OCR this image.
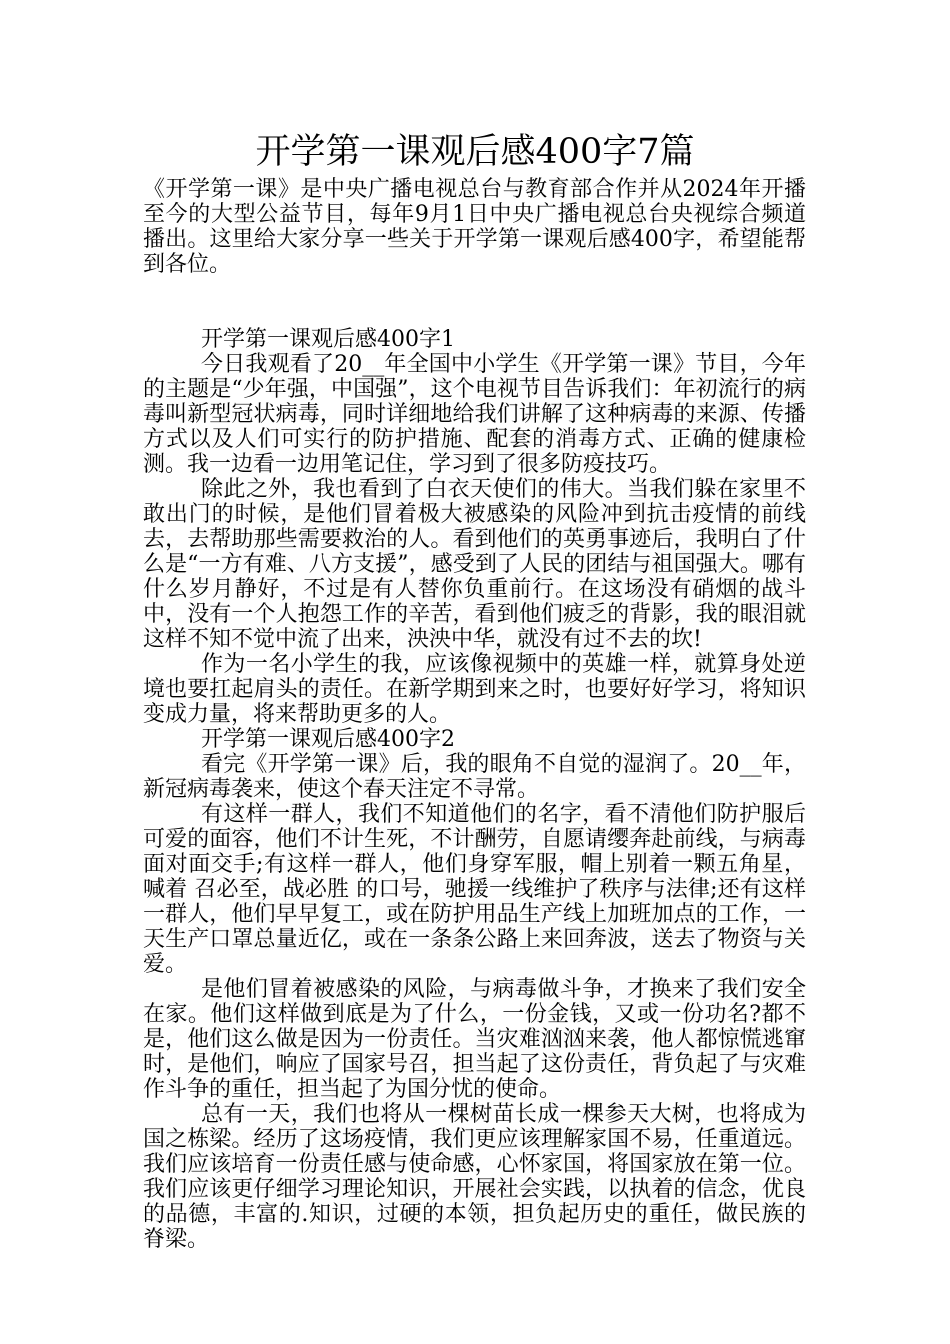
开学第一课观后感400字7篇

《开学第一课》是中央广播电视总台与教育部合作并从2024年开播至今的大型公益节目，每年9月1日中央广播电视总台央视综合频道播出。这里给大家分享一些关于开学第一课观后感400字，希望能帮到各位。

开学第一课观后感400字1

今日我观看了20__年全国中小学生《开学第一课》节目，今年的主题是“少年强，中国强”，这个电视节目告诉我们：年初流行的病毒叫新型冠状病毒，同时详细地给我们讲解了这种病毒的来源、传播方式以及人们可实行的防护措施、配套的消毒方式、正确的健康检测。我一边看一边用笔记住，学习到了很多防疫技巧。

除此之外，我也看到了白衣天使们的伟大。当我们躲在家里不敢出门的时候，是他们冒着极大被感染的风险冲到抗击疫情的前线去，去帮助那些需要救治的人。看到他们的英勇事迹后，我明白了什么是“一方有难、八方支援”，感受到了人民的团结与祖国强大。哪有什么岁月静好，不过是有人替你负重前行。在这场没有硝烟的战斗中，没有一个人抱怨工作的辛苦，看到他们疲乏的背影，我的眼泪就这样不知不觉中流了出来，泱泱中华，就没有过不去的坎!

作为一名小学生的我，应该像视频中的英雄一样，就算身处逆境也要扛起肩头的责任。在新学期到来之时，也要好好学习，将知识变成力量，将来帮助更多的人。

开学第一课观后感400字2

看完《开学第一课》后，我的眼角不自觉的湿润了。20__年，新冠病毒袭来，使这个春天注定不寻常。

有这样一群人，我们不知道他们的名字，看不清他们防护服后可爱的面容，他们不计生死，不计酬劳，自愿请缨奔赴前线，与病毒面对面交手;有这样一群人，他们身穿军服，帽上别着一颗五角星，喊着 召必至，战必胜 的口号，驰援一线维护了秩序与法律;还有这样一群人，他们早早复工，或在防护用品生产线上加班加点的工作，一天生产口罩总量近亿，或在一条条公路上来回奔波，送去了物资与关爱。

是他们冒着被感染的风险，与病毒做斗争，才换来了我们安全在家。他们这样做到底是为了什么，一份金钱，又或一份功名?都不是，他们这么做是因为一份责任。当灾难汹汹来袭，他人都惊慌逃窜时，是他们，响应了国家号召，担当起了这份责任，背负起了与灾难作斗争的重任，担当起了为国分忧的使命。

总有一天，我们也将从一棵树苗长成一棵参天大树，也将成为国之栋梁。经历了这场疫情，我们更应该理解家国不易，任重道远。我们应该培育一份责任感与使命感，心怀家国，将国家放在第一位。我们应该更仔细学习理论知识，开展社会实践，以执着的信念，优良的品德，丰富的.知识，过硬的本领，担负起历史的重任，做民族的脊梁。
